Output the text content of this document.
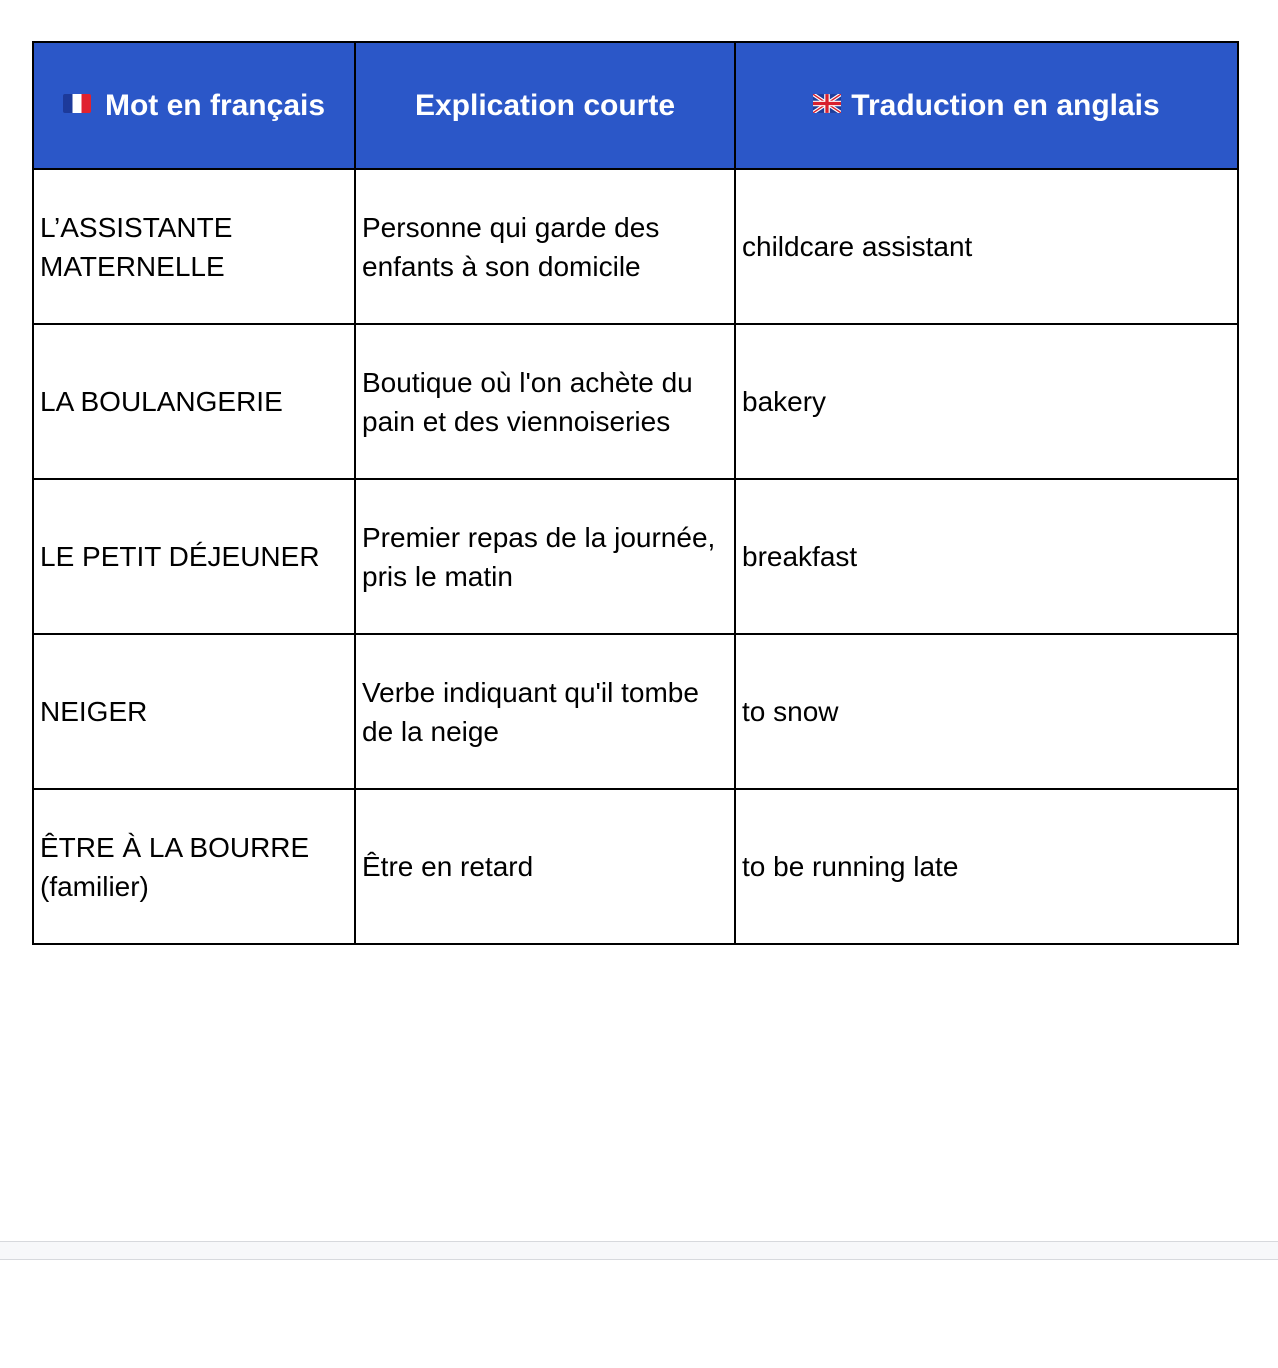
Mot en français	Explication courte	Traduction en anglais
L’ASSISTANTE MATERNELLE	Personne qui garde des enfants à son domicile	childcare assistant
LA BOULANGERIE	Boutique où l'on achète du pain et des viennoiseries	bakery
LE PETIT DÉJEUNER	Premier repas de la journée, pris le matin	breakfast
NEIGER	Verbe indiquant qu'il tombe de la neige	to snow
ÊTRE À LA BOURRE (familier)	Être en retard	to be running late
